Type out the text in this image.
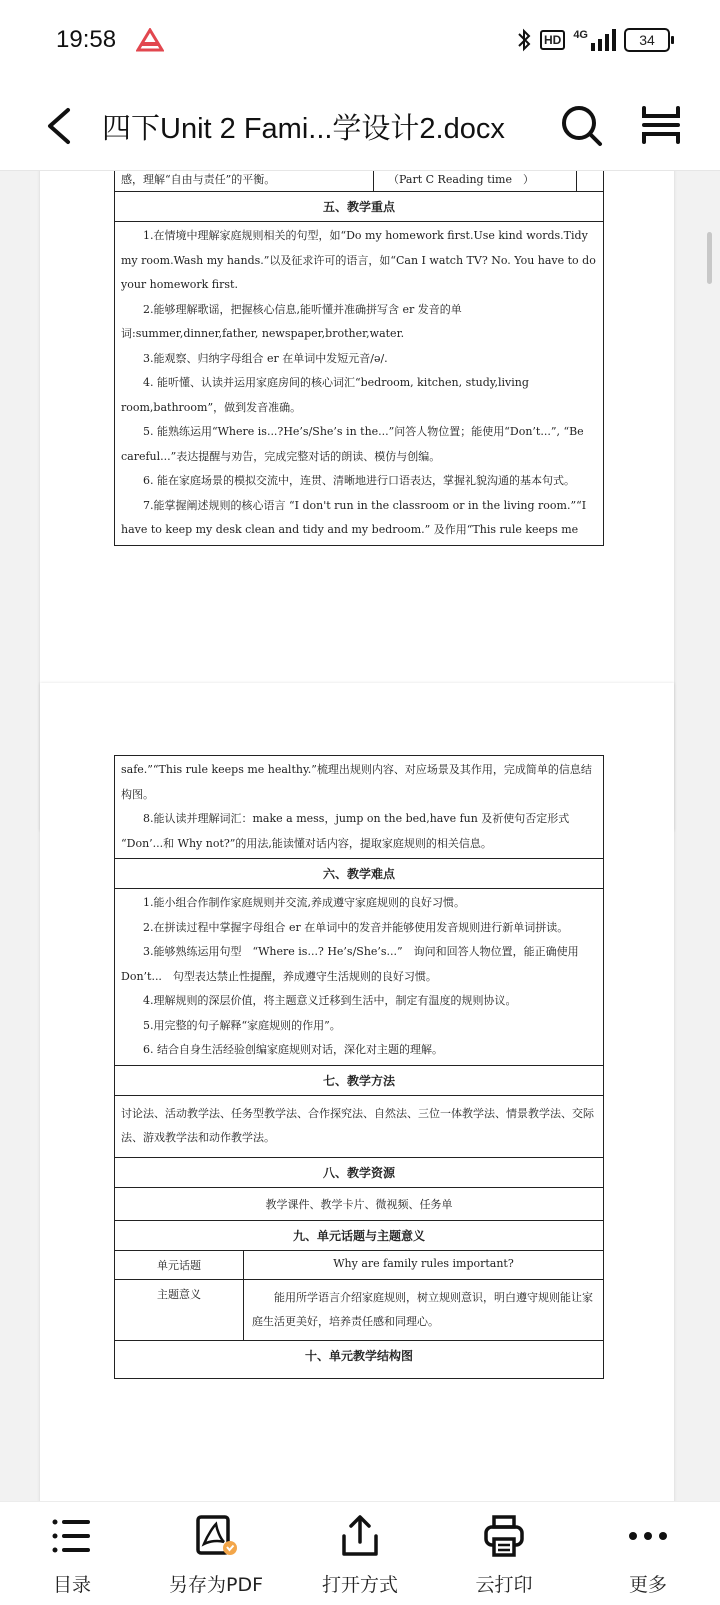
19:58	HD	4G	34
四下Unit 2 Fami...学设计2.docx
感，理解“自由与责任”的平衡。	（Part C Reading time　）
五、教学重点

1.在情境中理解家庭规则相关的句型，如“Do my homework first.Use kind words.Tidy my room.Wash my hands.”以及征求许可的语言，如“Can I watch TV? No. You have to do your homework first.

2.能够理解歌谣，把握核心信息,能听懂并准确拼写含 er 发音的单词:summer,dinner,father, newspaper,brother,water.

3.能观察、归纳字母组合 er 在单词中发短元音/ə/.

4. 能听懂、认读并运用家庭房间的核心词汇“bedroom, kitchen, study,living room,bathroom”，做到发音准确。

5. 能熟练运用“Where is...?He’s/She’s in the...”问答人物位置；能使用“Don’t...”, “Be careful...”表达提醒与劝告，完成完整对话的朗读、模仿与创编。

6. 能在家庭场景的模拟交流中，连贯、清晰地进行口语表达，掌握礼貌沟通的基本句式。

7.能掌握阐述规则的核心语言 “I don't run in the classroom or in the living room.”“I have to keep my desk clean and tidy and my bedroom.” 及作用“This rule keeps me

safe.”“This rule keeps me healthy.”梳理出规则内容、对应场景及其作用，完成简单的信息结构图。

8.能认读并理解词汇：make a mess，jump on the bed,have fun 及祈使句否定形式 “Don’...和 Why not?”的用法,能读懂对话内容，提取家庭规则的相关信息。

六、教学难点

1.能小组合作制作家庭规则并交流,养成遵守家庭规则的良好习惯。

2.在拼读过程中掌握字母组合 er 在单词中的发音并能够使用发音规则进行新单词拼读。

3.能够熟练运用句型　“Where is...? He’s/She’s...”　询问和回答人物位置，能正确使用　Don’t...　句型表达禁止性提醒，养成遵守生活规则的良好习惯。

4.理解规则的深层价值，将主题意义迁移到生活中，制定有温度的规则协议。

5.用完整的句子解释“家庭规则的作用”。

6. 结合自身生活经验创编家庭规则对话，深化对主题的理解。

七、教学方法

讨论法、活动教学法、任务型教学法、合作探究法、自然法、三位一体教学法、情景教学法、交际法、游戏教学法和动作教学法。

八、教学资源
教学课件、教学卡片、微视频、任务单
九、单元话题与主题意义
单元话题	Why are family rules important?
主题意义	能用所学语言介绍家庭规则，树立规则意识，明白遵守规则能让家庭生活更美好，培养责任感和同理心。
十、单元教学结构图
目录	另存为PDF	打开方式	云打印	更多
